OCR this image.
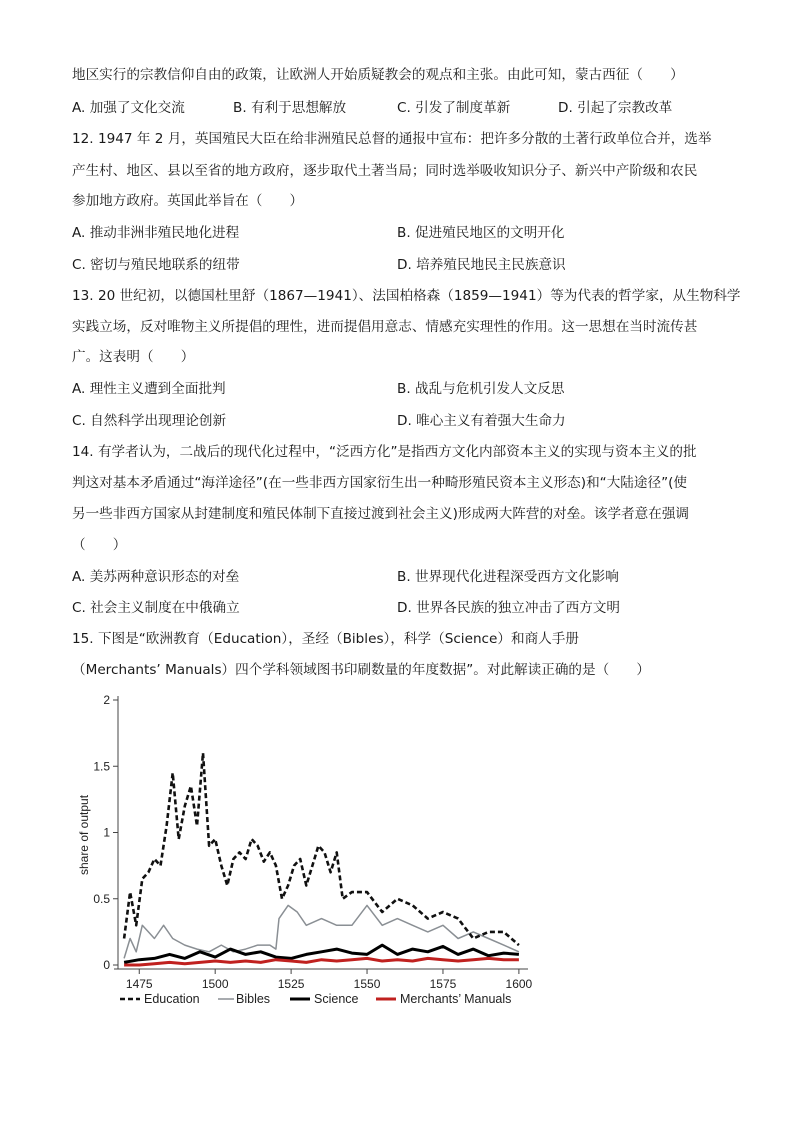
地区实行的宗教信仰自由的政策，让欧洲人开始质疑教会的观点和主张。由此可知，蒙古西征（　　）
A. 加强了文化交流	B. 有利于思想解放	C. 引发了制度革新	D. 引起了宗教改革
12. 1947 年 2 月，英国殖民大臣在给非洲殖民总督的通报中宣布：把许多分散的土著行政单位合并，选举
产生村、地区、县以至省的地方政府，逐步取代土著当局；同时选举吸收知识分子、新兴中产阶级和农民
参加地方政府。英国此举旨在（　　）
A. 推动非洲非殖民地化进程	B. 促进殖民地区的文明开化
C. 密切与殖民地联系的纽带	D. 培养殖民地民主民族意识
13. 20 世纪初，以德国杜里舒（1867—1941）、法国柏格森（1859—1941）等为代表的哲学家，从生物科学
实践立场，反对唯物主义所提倡的理性，进而提倡用意志、情感充实理性的作用。这一思想在当时流传甚
广。这表明（　　）
A. 理性主义遭到全面批判	B. 战乱与危机引发人文反思
C. 自然科学出现理论创新	D. 唯心主义有着强大生命力
14. 有学者认为，二战后的现代化过程中，“泛西方化”是指西方文化内部资本主义的实现与资本主义的批
判这对基本矛盾通过“海洋途径”(在一些非西方国家衍生出一种畸形殖民资本主义形态)和“大陆途径”(使
另一些非西方国家从封建制度和殖民体制下直接过渡到社会主义)形成两大阵营的对垒。该学者意在强调
（　　）
A. 美苏两种意识形态的对垒	B. 世界现代化进程深受西方文化影响
C. 社会主义制度在中俄确立	D. 世界各民族的独立冲击了西方文明
15. 下图是“欧洲教育（Education），圣经（Bibles），科学（Science）和商人手册
（Merchants’ Manuals）四个学科领域图书印刷数量的年度数据”。对此解读正确的是（　　）
0
0.5
1
1.5
2
1475	1500	1525	1550	1575	1600
share of output
Education	Bibles	Science	Merchants’ Manuals
